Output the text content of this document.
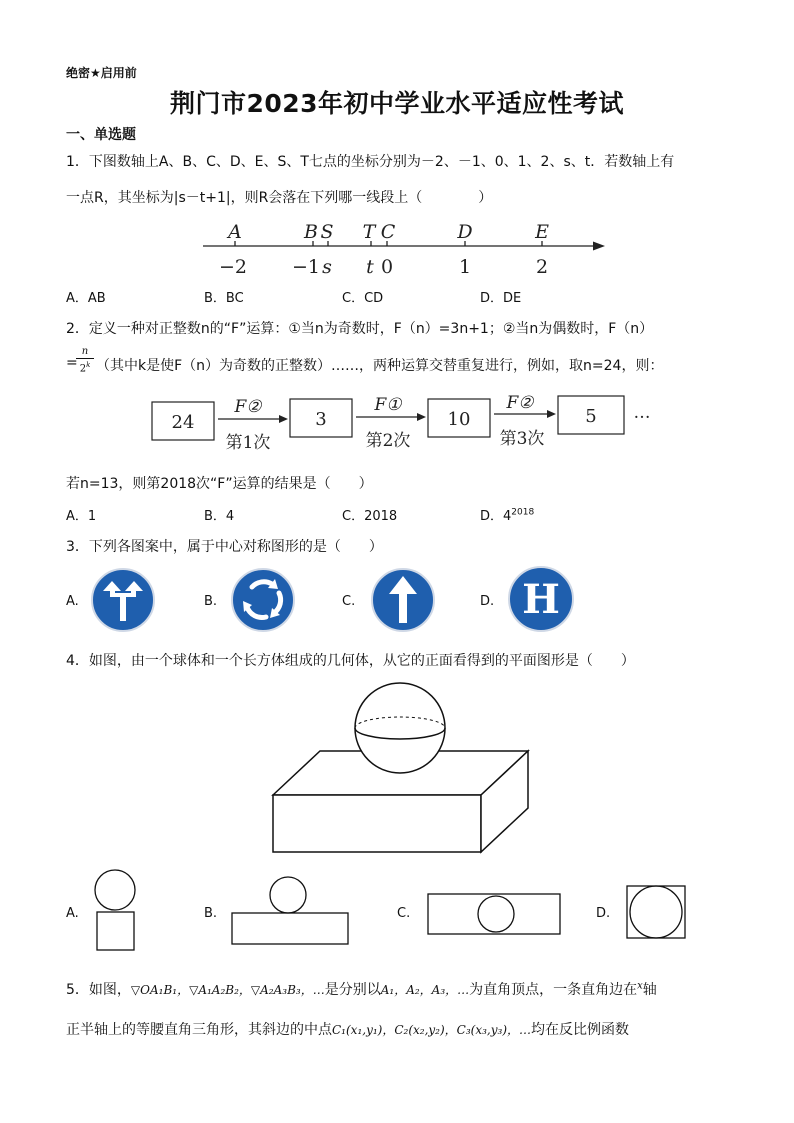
绝密★启用前
荆门市2023年初中学业水平适应性考试
一、单选题
1．下图数轴上A、B、C、D、E、S、T七点的坐标分别为－2、－1、0、1、2、s、t．若数轴上有
一点R，其坐标为|s－t+1|，则R会落在下列哪一线段上（　　　　）
A	B S T C	D	E
−2 −1 s t 0	1	2
A．AB	B．BC	C．CD	D．DE
2．定义一种对正整数n的“F”运算：①当n为奇数时，F（n）=3n+1；②当n为偶数时，F（n）
=
n
2$^k$ （其中k是使F（n）为奇数的正整数）……，两种运算交替重复进行，例如，取n=24，则：
24	3	10	5
F②	F①	F②
第1次	第2次	第3次
…
若n=13，则第2018次“F”运算的结果是（　　）
A．1	B．4	C．2018	D．$4^{2018}$
3．下列各图案中，属于中心对称图形的是（　　）
A.	B.	C.	D. H
4．如图，由一个球体和一个长方体组成的几何体，从它的正面看得到的平面图形是（　　）
A.	B.	C.	D.
5．如图，▽OA₁B₁，▽A₁A₂B₂，▽A₂A₃B₃，…是分别以A₁，A₂，A₃，…为直角顶点，一条直角边在$^x$轴
正半轴上的等腰直角三角形，其斜边的中点C₁(x₁,y₁)，C₂(x₂,y₂)，C₃(x₃,y₃)，…均在反比例函数
